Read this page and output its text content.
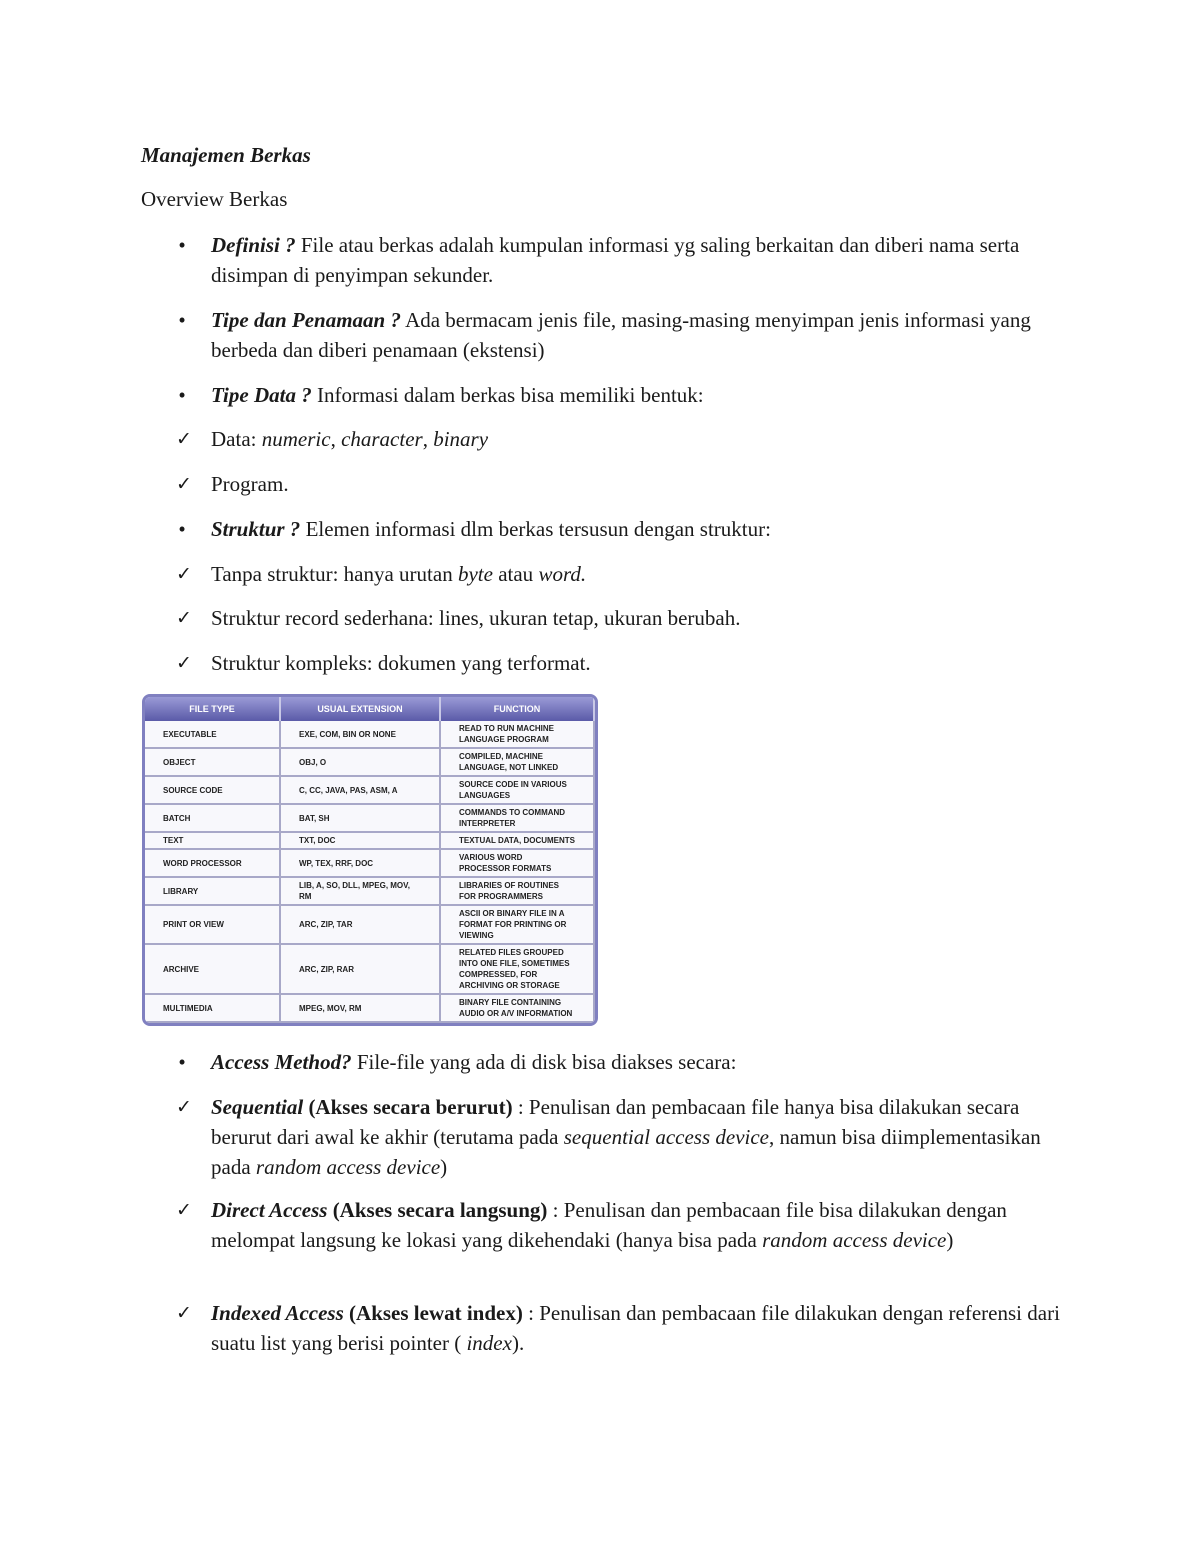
Manajemen Berkas
Overview Berkas
•	Definisi ? File atau berkas adalah kumpulan informasi yg saling berkaitan dan diberi nama serta disimpan di penyimpan sekunder.
•	Tipe dan Penamaan ? Ada bermacam jenis file, masing-masing menyimpan jenis informasi yang berbeda dan diberi penamaan (ekstensi)
•	Tipe Data ? Informasi dalam berkas bisa memiliki bentuk:
✓ Data: numeric, character, binary
✓ Program.
•	Struktur ? Elemen informasi dlm berkas tersusun dengan struktur:
✓ Tanpa struktur: hanya urutan byte atau word.
✓ Struktur record sederhana: lines, ukuran tetap, ukuran berubah.
✓ Struktur kompleks: dokumen yang terformat.
FILE TYPE	USUAL EXTENSION	FUNCTION
EXECUTABLE	EXE, COM, BIN OR NONE	READ TO RUN MACHINE LANGUAGE PROGRAM
OBJECT	OBJ, O	COMPILED, MACHINE LANGUAGE, NOT LINKED
SOURCE CODE	C, CC, JAVA, PAS, ASM, A	SOURCE CODE IN VARIOUS LANGUAGES
BATCH	BAT, SH	COMMANDS TO COMMAND INTERPRETER
TEXT	TXT, DOC	TEXTUAL DATA, DOCUMENTS
WORD PROCESSOR	WP, TEX, RRF, DOC	VARIOUS WORD PROCESSOR FORMATS
LIBRARY	LIB, A, SO, DLL, MPEG, MOV, RM	LIBRARIES OF ROUTINES FOR PROGRAMMERS
PRINT OR VIEW	ARC, ZIP, TAR	ASCII OR BINARY FILE IN A FORMAT FOR PRINTING OR VIEWING
ARCHIVE	ARC, ZIP, RAR	RELATED FILES GROUPED INTO ONE FILE, SOMETIMES COMPRESSED, FOR ARCHIVING OR STORAGE
MULTIMEDIA	MPEG, MOV, RM	BINARY FILE CONTAINING AUDIO OR A/V INFORMATION
•	Access Method? File-file yang ada di disk bisa diakses secara:
✓ Sequential (Akses secara berurut) : Penulisan dan pembacaan file hanya bisa dilakukan secara berurut dari awal ke akhir (terutama pada sequential access device, namun bisa diimplementasikan pada random access device)
✓ Direct Access (Akses secara langsung) : Penulisan dan pembacaan file bisa dilakukan dengan melompat langsung ke lokasi yang dikehendaki (hanya bisa pada random access device)
✓ Indexed Access (Akses lewat index) : Penulisan dan pembacaan file dilakukan dengan referensi dari suatu list yang berisi pointer ( index).
